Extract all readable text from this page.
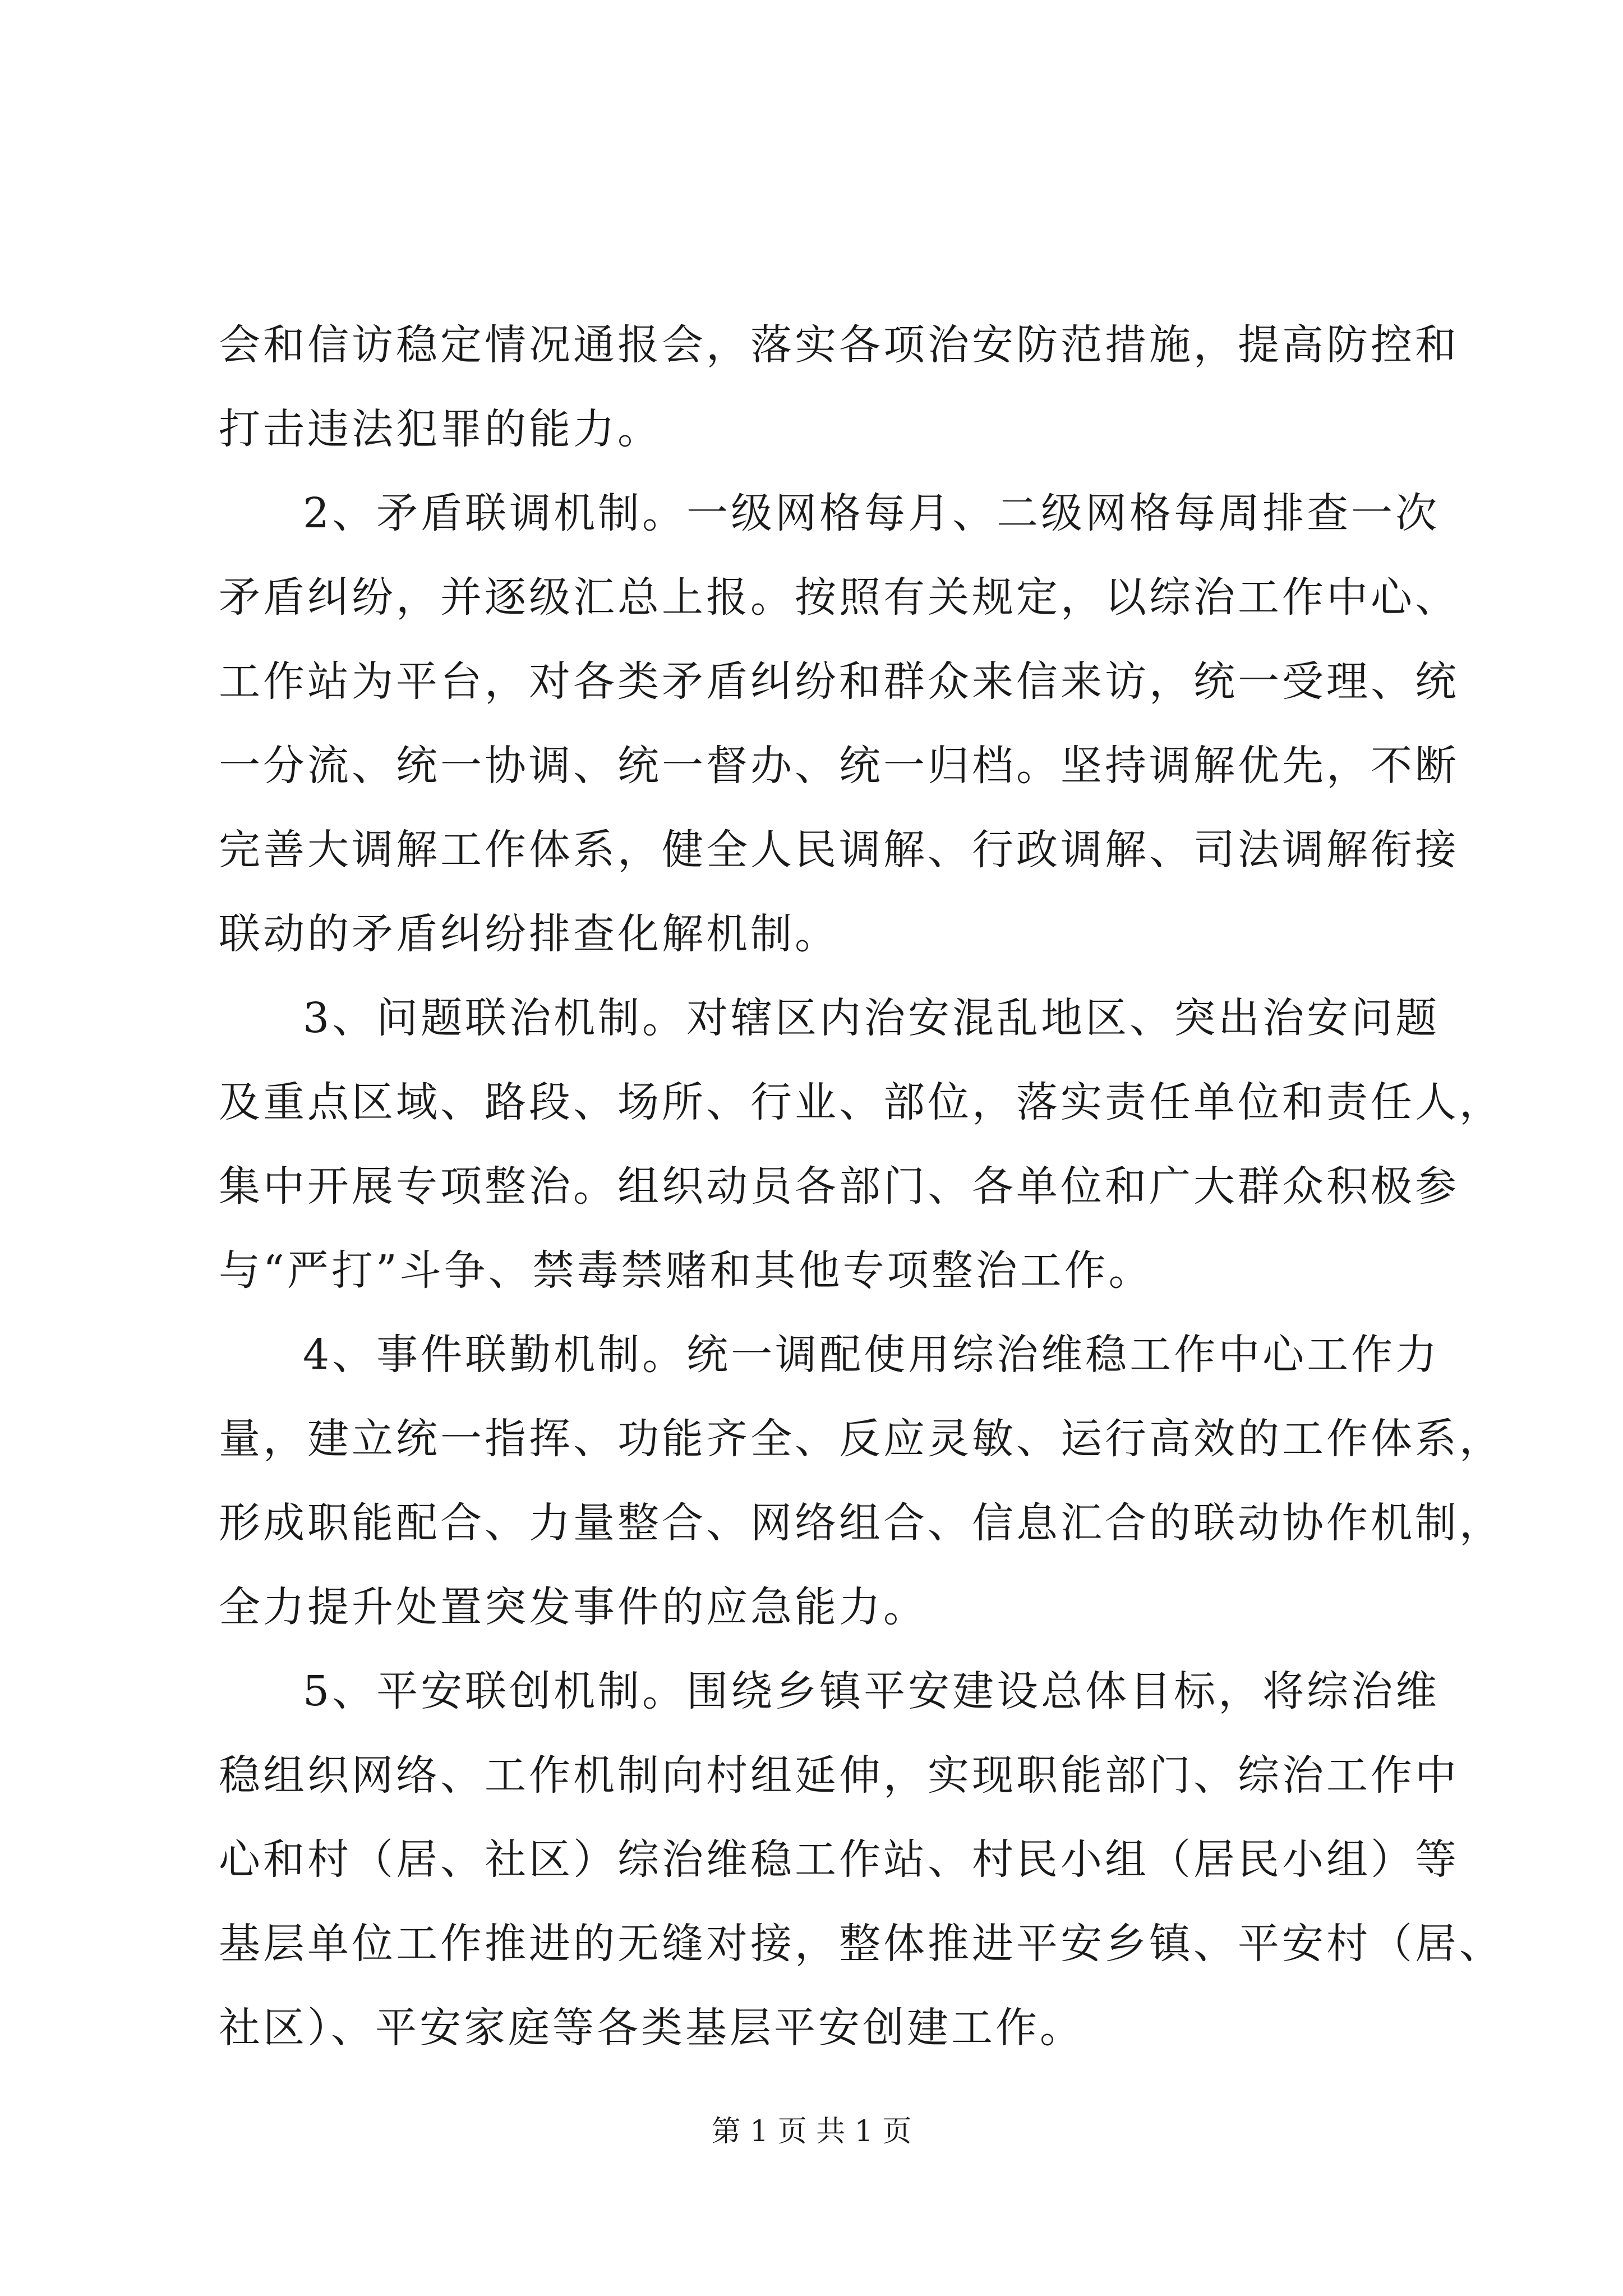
会和信访稳定情况通报会，落实各项治安防范措施，提高防控和
打击违法犯罪的能力。
2、矛盾联调机制。一级网格每月、二级网格每周排查一次
矛盾纠纷，并逐级汇总上报。按照有关规定，以综治工作中心、
工作站为平台，对各类矛盾纠纷和群众来信来访，统一受理、统
一分流、统一协调、统一督办、统一归档。坚持调解优先，不断
完善大调解工作体系，健全人民调解、行政调解、司法调解衔接
联动的矛盾纠纷排查化解机制。
3、问题联治机制。对辖区内治安混乱地区、突出治安问题
及重点区域、路段、场所、行业、部位，落实责任单位和责任人，
集中开展专项整治。组织动员各部门、各单位和广大群众积极参
与“严打”斗争、禁毒禁赌和其他专项整治工作。
4、事件联勤机制。统一调配使用综治维稳工作中心工作力
量，建立统一指挥、功能齐全、反应灵敏、运行高效的工作体系，
形成职能配合、力量整合、网络组合、信息汇合的联动协作机制，
全力提升处置突发事件的应急能力。
5、平安联创机制。围绕乡镇平安建设总体目标，将综治维
稳组织网络、工作机制向村组延伸，实现职能部门、综治工作中
心和村（居、社区）综治维稳工作站、村民小组（居民小组）等
基层单位工作推进的无缝对接，整体推进平安乡镇、平安村（居、
社区）、平安家庭等各类基层平安创建工作。
第 1 页 共 1 页
